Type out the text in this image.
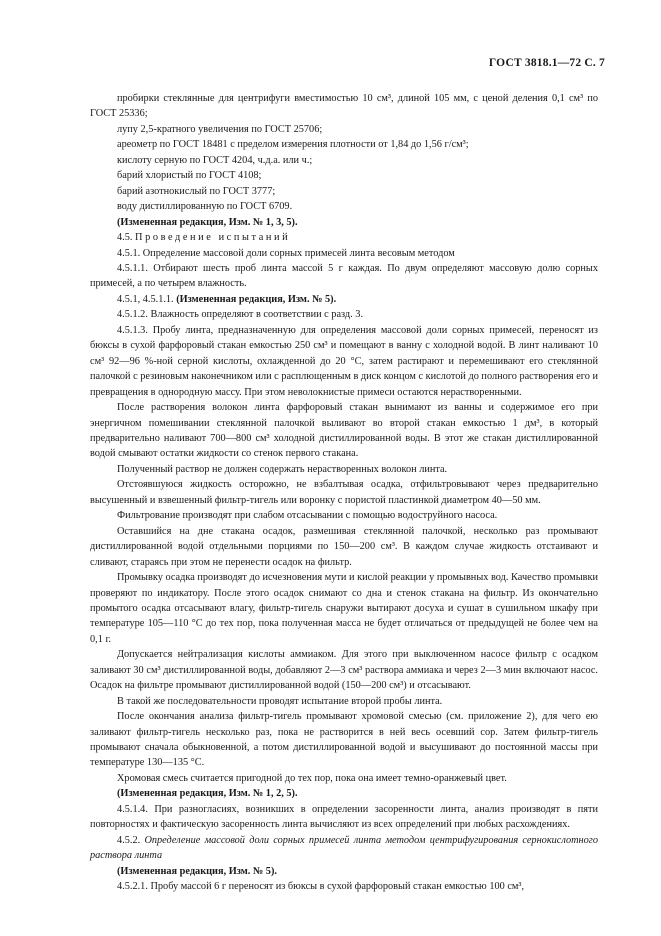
ГОСТ 3818.1—72 С. 7

пробирки стеклянные для центрифуги вместимостью 10 см³, длиной 105 мм, с ценой деления 0,1 см³ по ГОСТ 25336;

лупу 2,5-кратного увеличения по ГОСТ 25706;

ареометр по ГОСТ 18481 с пределом измерения плотности от 1,84 до 1,56 г/см³;

кислоту серную по ГОСТ 4204, ч.д.а. или ч.;

барий хлористый по ГОСТ 4108;

барий азотнокислый по ГОСТ 3777;

воду дистиллированную по ГОСТ 6709.

(Измененная редакция, Изм. № 1, 3, 5).

4.5. Проведение испытаний

4.5.1. Определение массовой доли сорных примесей линта весовым методом

4.5.1.1. Отбирают шесть проб линта массой 5 г каждая. По двум определяют массовую долю сорных примесей, а по четырем влажность.

4.5.1, 4.5.1.1. (Измененная редакция, Изм. № 5).

4.5.1.2. Влажность определяют в соответствии с разд. 3.

4.5.1.3. Пробу линта, предназначенную для определения массовой доли сорных примесей, переносят из бюксы в сухой фарфоровый стакан емкостью 250 см³ и помещают в ванну с холодной водой. В линт наливают 10 см³ 92—96 %-ной серной кислоты, охлажденной до 20 °С, затем растирают и перемешивают его стеклянной палочкой с резиновым наконечником или с расплющенным в диск концом с кислотой до полного растворения его и превращения в однородную массу. При этом неволокнистые примеси остаются нерастворенными.

После растворения волокон линта фарфоровый стакан вынимают из ванны и содержимое его при энергичном помешивании стеклянной палочкой выливают во второй стакан емкостью 1 дм³, в который предварительно наливают 700—800 см³ холодной дистиллированной воды. В этот же стакан дистиллированной водой смывают остатки жидкости со стенок первого стакана.

Полученный раствор не должен содержать нерастворенных волокон линта.

Отстоявшуюся жидкость осторожно, не взбалтывая осадка, отфильтровывают через предварительно высушенный и взвешенный фильтр-тигель или воронку с пористой пластинкой диаметром 40—50 мм.

Фильтрование производят при слабом отсасывании с помощью водоструйного насоса.

Оставшийся на дне стакана осадок, размешивая стеклянной палочкой, несколько раз промывают дистиллированной водой отдельными порциями по 150—200 см³. В каждом случае жидкость отстаивают и сливают, стараясь при этом не перенести осадок на фильтр.

Промывку осадка производят до исчезновения мути и кислой реакции у промывных вод. Качество промывки проверяют по индикатору. После этого осадок снимают со дна и стенок стакана на фильтр. Из окончательно промытого осадка отсасывают влагу, фильтр-тигель снаружи вытирают досуха и сушат в сушильном шкафу при температуре 105—110 °С до тех пор, пока полученная масса не будет отличаться от предыдущей не более чем на 0,1 г.

Допускается нейтрализация кислоты аммиаком. Для этого при выключенном насосе фильтр с осадком заливают 30 см³ дистиллированной воды, добавляют 2—3 см³ раствора аммиака и через 2—3 мин включают насос. Осадок на фильтре промывают дистиллированной водой (150—200 см³) и отсасывают.

В такой же последовательности проводят испытание второй пробы линта.

После окончания анализа фильтр-тигель промывают хромовой смесью (см. приложение 2), для чего ею заливают фильтр-тигель несколько раз, пока не растворится в ней весь осевший сор. Затем фильтр-тигель промывают сначала обыкновенной, а потом дистиллированной водой и высушивают до постоянной массы при температуре 130—135 °С.

Хромовая смесь считается пригодной до тех пор, пока она имеет темно-оранжевый цвет.

(Измененная редакция, Изм. № 1, 2, 5).

4.5.1.4. При разногласиях, возникших в определении засоренности линта, анализ производят в пяти повторностях и фактическую засоренность линта вычисляют из всех определений при любых расхождениях.

4.5.2. Определение массовой доли сорных примесей линта методом центрифугирования сернокислотного раствора линта

(Измененная редакция, Изм. № 5).

4.5.2.1. Пробу массой 6 г переносят из бюксы в сухой фарфоровый стакан емкостью 100 см³,
